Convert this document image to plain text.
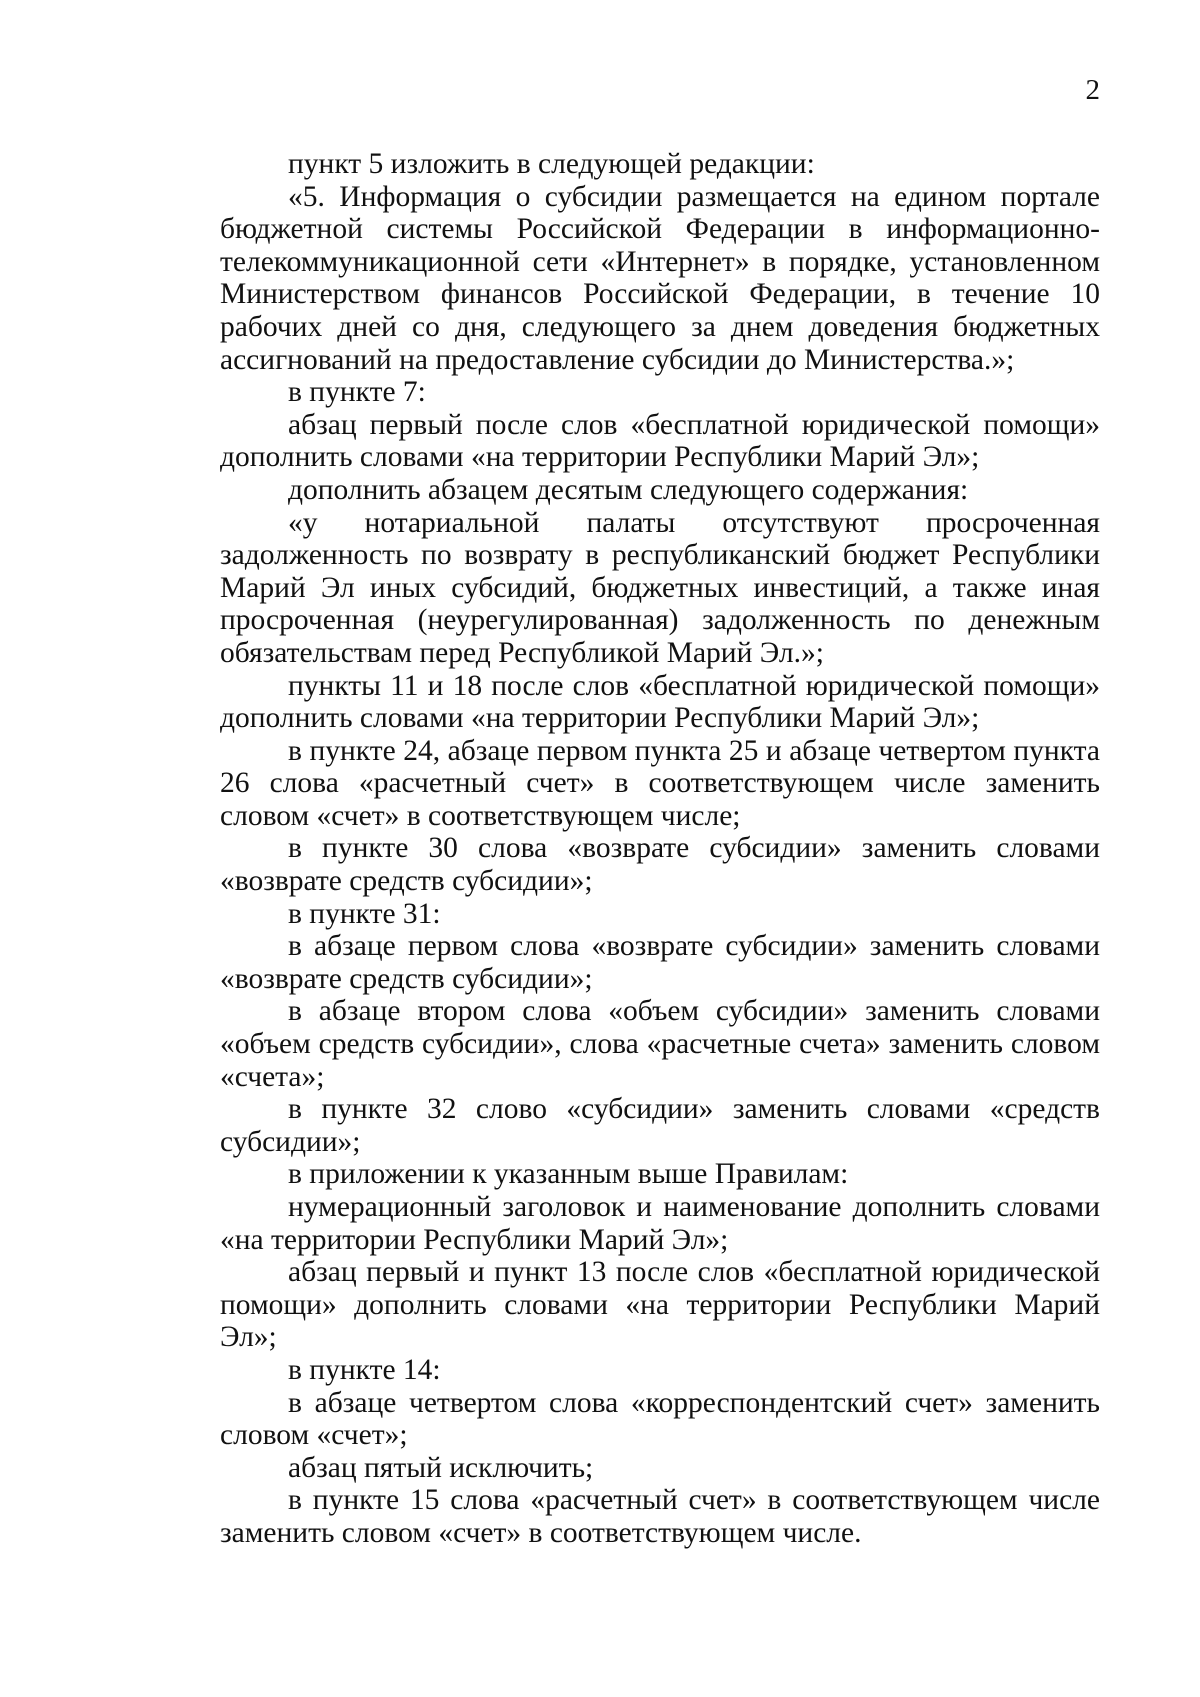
2

пункт 5 изложить в следующей редакции:

«5. Информация о субсидии размещается на едином портале бюджетной системы Российской Федерации в информационно-телекоммуникационной сети «Интернет» в порядке, установленном Министерством финансов Российской Федерации, в течение 10 рабочих дней со дня, следующего за днем доведения бюджетных ассигнований на предоставление субсидии до Министерства.»;

в пункте 7:

абзац первый после слов «бесплатной юридической помощи» дополнить словами «на территории Республики Марий Эл»;

дополнить абзацем десятым следующего содержания:

«у нотариальной палаты отсутствуют просроченная задолженность по возврату в республиканский бюджет Республики Марий Эл иных субсидий, бюджетных инвестиций, а также иная просроченная (неурегулированная) задолженность по денежным обязательствам перед Республикой Марий Эл.»;

пункты 11 и 18 после слов «бесплатной юридической помощи» дополнить словами «на территории Республики Марий Эл»;

в пункте 24, абзаце первом пункта 25 и абзаце четвертом пункта 26 слова «расчетный счет» в соответствующем числе заменить словом «счет» в соответствующем числе;

в пункте 30 слова «возврате субсидии» заменить словами «возврате средств субсидии»;

в пункте 31:

в абзаце первом слова «возврате субсидии» заменить словами «возврате средств субсидии»;

в абзаце втором слова «объем субсидии» заменить словами «объем средств субсидии», слова «расчетные счета» заменить словом «счета»;

в пункте 32 слово «субсидии» заменить словами «средств субсидии»;

в приложении к указанным выше Правилам:

нумерационный заголовок и наименование дополнить словами «на территории Республики Марий Эл»;

абзац первый и пункт 13 после слов «бесплатной юридической помощи» дополнить словами «на территории Республики Марий Эл»;

в пункте 14:

в абзаце четвертом слова «корреспондентский счет» заменить словом «счет»;

абзац пятый исключить;

в пункте 15 слова «расчетный счет» в соответствующем числе заменить словом «счет» в соответствующем числе.
